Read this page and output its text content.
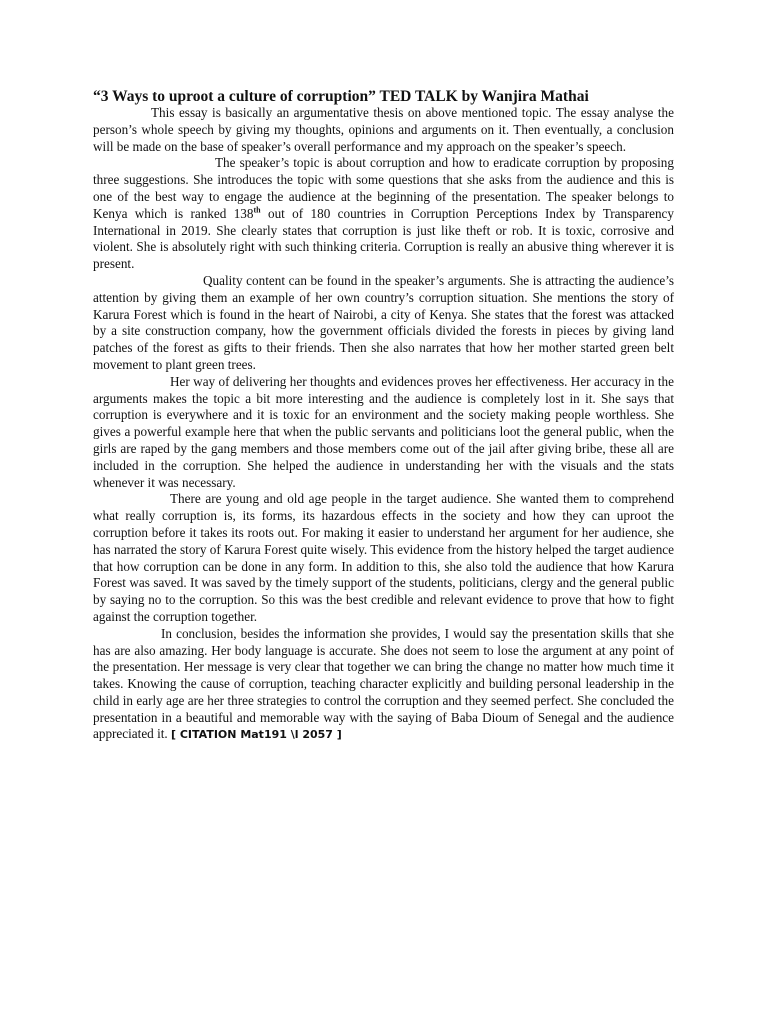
“3 Ways to uproot a culture of corruption” TED TALK by Wanjira Mathai

This essay is basically an argumentative thesis on above mentioned topic. The essay analyse the person’s whole speech by giving my thoughts, opinions and arguments on it. Then eventually, a conclusion will be made on the base of speaker’s overall performance and my approach on the speaker’s speech.

The speaker’s topic is about corruption and how to eradicate corruption by proposing three suggestions. She introduces the topic with some questions that she asks from the audience and this is one of the best way to engage the audience at the beginning of the presentation. The speaker belongs to Kenya which is ranked 138th out of 180 countries in Corruption Perceptions Index by Transparency International in 2019. She clearly states that corruption is just like theft or rob. It is toxic, corrosive and violent. She is absolutely right with such thinking criteria. Corruption is really an abusive thing wherever it is present.

Quality content can be found in the speaker’s arguments. She is attracting the audience’s attention by giving them an example of her own country’s corruption situation. She mentions the story of Karura Forest which is found in the heart of Nairobi, a city of Kenya. She states that the forest was attacked by a site construction company, how the government officials divided the forests in pieces by giving land patches of the forest as gifts to their friends. Then she also narrates that how her mother started green belt movement to plant green trees.

Her way of delivering her thoughts and evidences proves her effectiveness. Her accuracy in the arguments makes the topic a bit more interesting and the audience is completely lost in it. She says that corruption is everywhere and it is toxic for an environment and the society making people worthless. She gives a powerful example here that when the public servants and politicians loot the general public, when the girls are raped by the gang members and those members come out of the jail after giving bribe, these all are included in the corruption. She helped the audience in understanding her with the visuals and the stats whenever it was necessary.

There are young and old age people in the target audience. She wanted them to comprehend what really corruption is, its forms, its hazardous effects in the society and how they can uproot the corruption before it takes its roots out. For making it easier to understand her argument for her audience, she has narrated the story of Karura Forest quite wisely. This evidence from the history helped the target audience that how corruption can be done in any form. In addition to this, she also told the audience that how Karura Forest was saved. It was saved by the timely support of the students, politicians, clergy and the general public by saying no to the corruption. So this was the best credible and relevant evidence to prove that how to fight against the corruption together.

In conclusion, besides the information she provides, I would say the presentation skills that she has are also amazing. Her body language is accurate. She does not seem to lose the argument at any point of the presentation. Her message is very clear that together we can bring the change no matter how much time it takes. Knowing the cause of corruption, teaching character explicitly and building personal leadership in the child in early age are her three strategies to control the corruption and they seemed perfect. She concluded the presentation in a beautiful and memorable way with the saying of Baba Dioum of Senegal and the audience appreciated it. [ CITATION Mat191 \l 2057 ]
